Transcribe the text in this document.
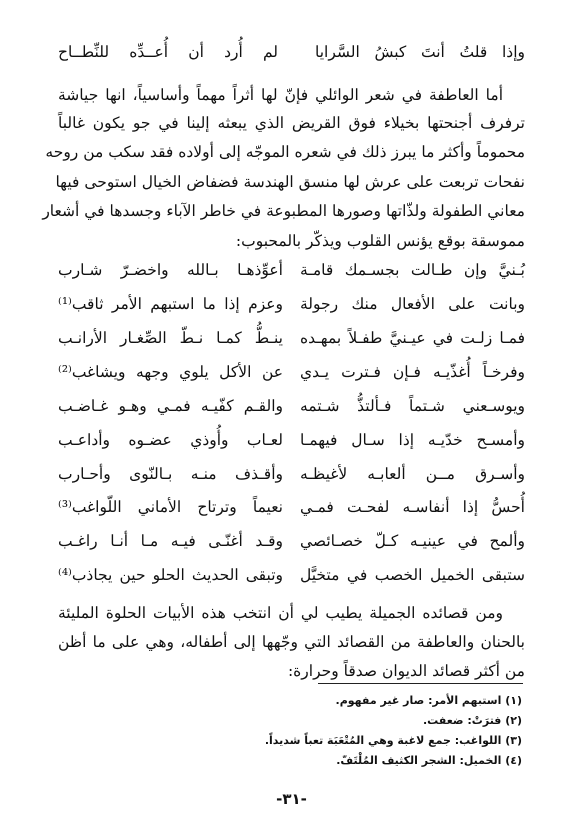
وإذا قلتُ أنتَ كبشُ السَّرايا
لم أُرد أن أُعــدِّه للنِّطــاح
أما العاطفة في شعر الوائلي فإنّ لها أثراً مهماً وأساسياً، انها جياشة
ترفرف أجنحتها بخيلاء فوق القريض الذي يبعثه إلينا في جو يكون غالباً
محموماً وأكثر ما يبرز ذلك في شعره الموجّه إلى أولاده فقد سكب من روحه
نفحات تربعت على عرش لها منسق الهندسة فضفاض الخيال استوحى فيها
معاني الطفولة ولذّاتها وصورها المطبوعة في خاطر الآباء وجسدها في أشعار
مموسقة بوقع يؤنس القلوب ويذكّر بالمحبوب:
بُـنيَّ وإن طـالت بجسـمك قامـة
أعوِّذهـا بـالله واخضـرّ شـارب
وبانت على الأفعال منك رجولة
وعزم إذا ما استبهم الأمر ثاقب⁽¹⁾
فمـا زلـت في عيـنيَّ طفـلاً بمهـده
ينـطُّ كمـا نـطّ الصِّغـار الأرانـب
وفرخـاً أُغذّيـه فـإن فـترت يـدي
عن الأكل يلوي وجهه ويشاغب⁽²⁾
ويوسـعني شـتماً فـألتذُّ شـتمه
والقـم كفّيـه فمـي وهـو غـاضـب
وأمسـح خدّيـه إذا سـال فيهمـا
لعـاب وأُوذي عضـوه وأداعـب
وأسـرق مــن ألعابـه لأغيظـه
وأقـذف منـه بـالنّوى وأحـارب
أُحسُّ إذا أنفاسـه لفحـت فمـي
نعيماً وترتاح الأماني اللّواغب⁽³⁾
وألمح في عينيـه كـلّ خصـائصي
وقـد أغنّـى فيـه مـا أنـا راغـب
ستبقى الخميل الخصب في متخيَّل
وتبقى الحديث الحلو حين يجاذب⁽⁴⁾
ومن قصائده الجميلة يطيب لي أن انتخب هذه الأبيات الحلوة المليئة
بالحنان والعاطفة من القصائد التي وجّهها إلى أطفاله، وهي على ما أظن
من أكثر قصائد الديوان صدقاً وحرارة:
(١) استبهم الأمر: صار غير مفهوم.
(٢) فترَتْ: ضعفت.
(٣) اللواغب: جمع لاغبة وهي المُتْعَبَة تعباً شديداً.
(٤) الخميل: الشجر الكثيف المُلْتَفّ.
-٣١-
